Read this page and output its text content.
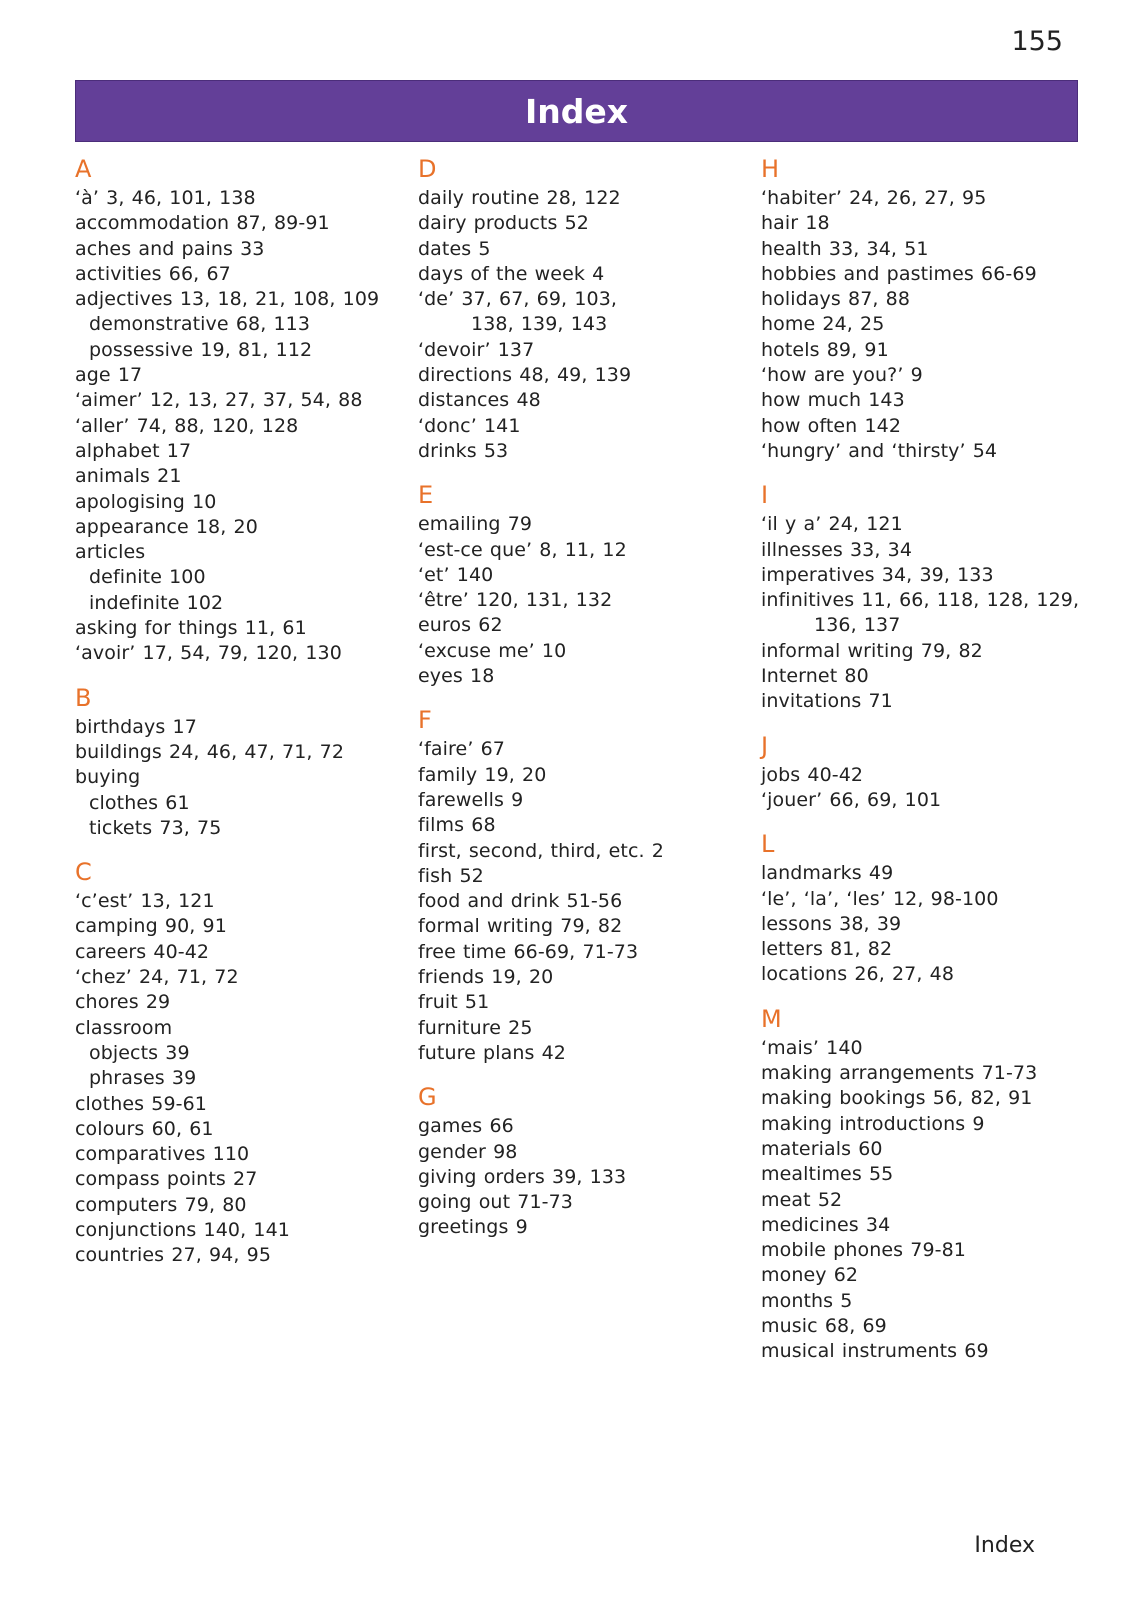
155
Index
A
‘à’ 3, 46, 101, 138
accommodation 87, 89-91
aches and pains 33
activities 66, 67
adjectives 13, 18, 21, 108, 109
demonstrative 68, 113
possessive 19, 81, 112
age 17
‘aimer’ 12, 13, 27, 37, 54, 88
‘aller’ 74, 88, 120, 128
alphabet 17
animals 21
apologising 10
appearance 18, 20
articles
definite 100
indefinite 102
asking for things 11, 61
‘avoir’ 17, 54, 79, 120, 130
B
birthdays 17
buildings 24, 46, 47, 71, 72
buying
clothes 61
tickets 73, 75
C
‘c’est’ 13, 121
camping 90, 91
careers 40-42
‘chez’ 24, 71, 72
chores 29
classroom
objects 39
phrases 39
clothes 59-61
colours 60, 61
comparatives 110
compass points 27
computers 79, 80
conjunctions 140, 141
countries 27, 94, 95
D
daily routine 28, 122
dairy products 52
dates 5
days of the week 4
‘de’ 37, 67, 69, 103,
138, 139, 143
‘devoir’ 137
directions 48, 49, 139
distances 48
‘donc’ 141
drinks 53
E
emailing 79
‘est-ce que’ 8, 11, 12
‘et’ 140
‘être’ 120, 131, 132
euros 62
‘excuse me’ 10
eyes 18
F
‘faire’ 67
family 19, 20
farewells 9
films 68
first, second, third, etc. 2
fish 52
food and drink 51-56
formal writing 79, 82
free time 66-69, 71-73
friends 19, 20
fruit 51
furniture 25
future plans 42
G
games 66
gender 98
giving orders 39, 133
going out 71-73
greetings 9
H
‘habiter’ 24, 26, 27, 95
hair 18
health 33, 34, 51
hobbies and pastimes 66-69
holidays 87, 88
home 24, 25
hotels 89, 91
‘how are you?’ 9
how much 143
how often 142
‘hungry’ and ‘thirsty’ 54
I
‘il y a’ 24, 121
illnesses 33, 34
imperatives 34, 39, 133
infinitives 11, 66, 118, 128, 129,
136, 137
informal writing 79, 82
Internet 80
invitations 71
J
jobs 40-42
‘jouer’ 66, 69, 101
L
landmarks 49
‘le’, ‘la’, ‘les’ 12, 98-100
lessons 38, 39
letters 81, 82
locations 26, 27, 48
M
‘mais’ 140
making arrangements 71-73
making bookings 56, 82, 91
making introductions 9
materials 60
mealtimes 55
meat 52
medicines 34
mobile phones 79-81
money 62
months 5
music 68, 69
musical instruments 69
Index
